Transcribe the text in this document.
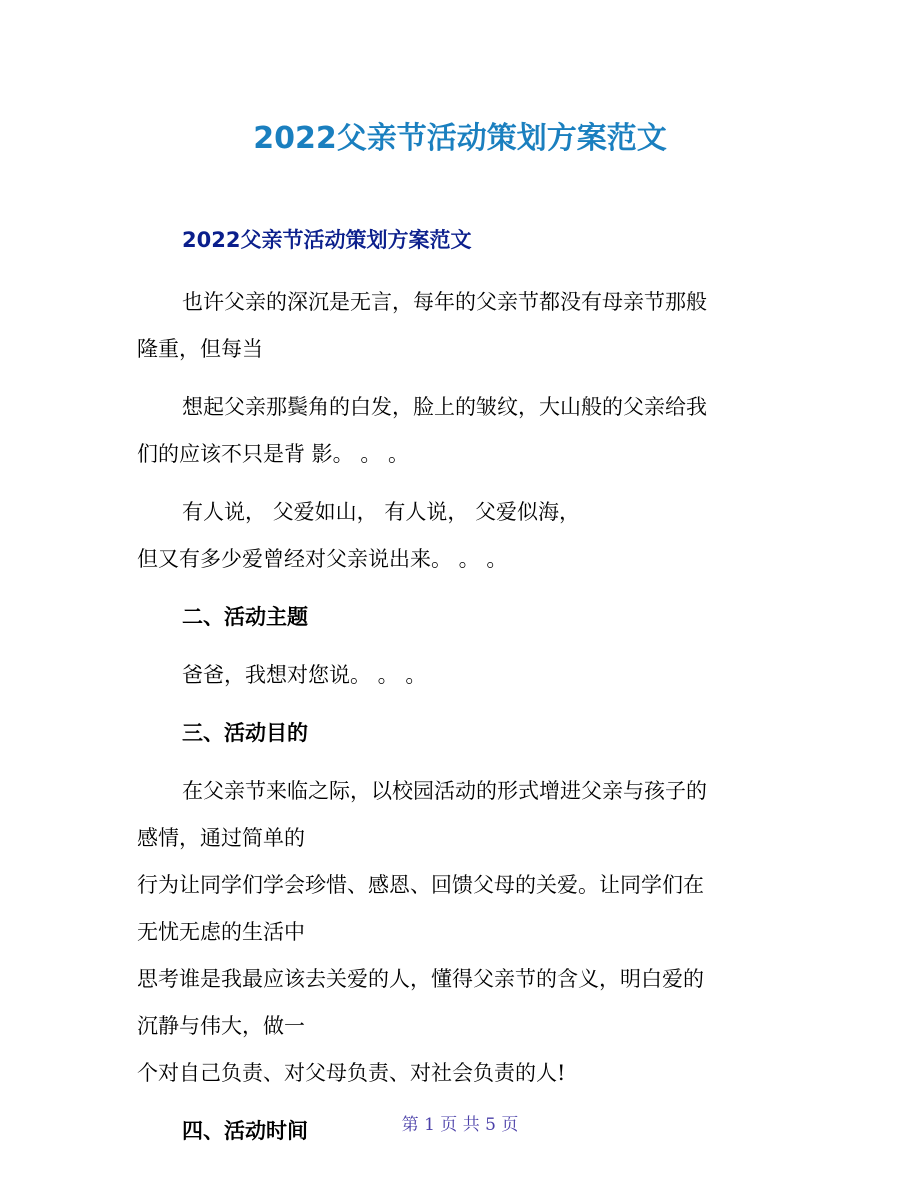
2022父亲节活动策划方案范文
2022父亲节活动策划方案范文

也许父亲的深沉是无言，每年的父亲节都没有母亲节那般
隆重，但每当

想起父亲那鬓角的白发，脸上的皱纹，大山般的父亲给我
们的应该不只是背 影。 。 。

有人说， 父爱如山， 有人说， 父爱似海，
但又有多少爱曾经对父亲说出来。 。 。

二、活动主题

爸爸，我想对您说。 。 。

三、活动目的

在父亲节来临之际，以校园活动的形式增进父亲与孩子的
感情，通过简单的
行为让同学们学会珍惜、感恩、回馈父母的关爱。让同学们在
无忧无虑的生活中
思考谁是我最应该去关爱的人，懂得父亲节的含义，明白爱的
沉静与伟大，做一
个对自己负责、对父母负责、对社会负责的人!

四、活动时间	第 1 页 共 5 页
